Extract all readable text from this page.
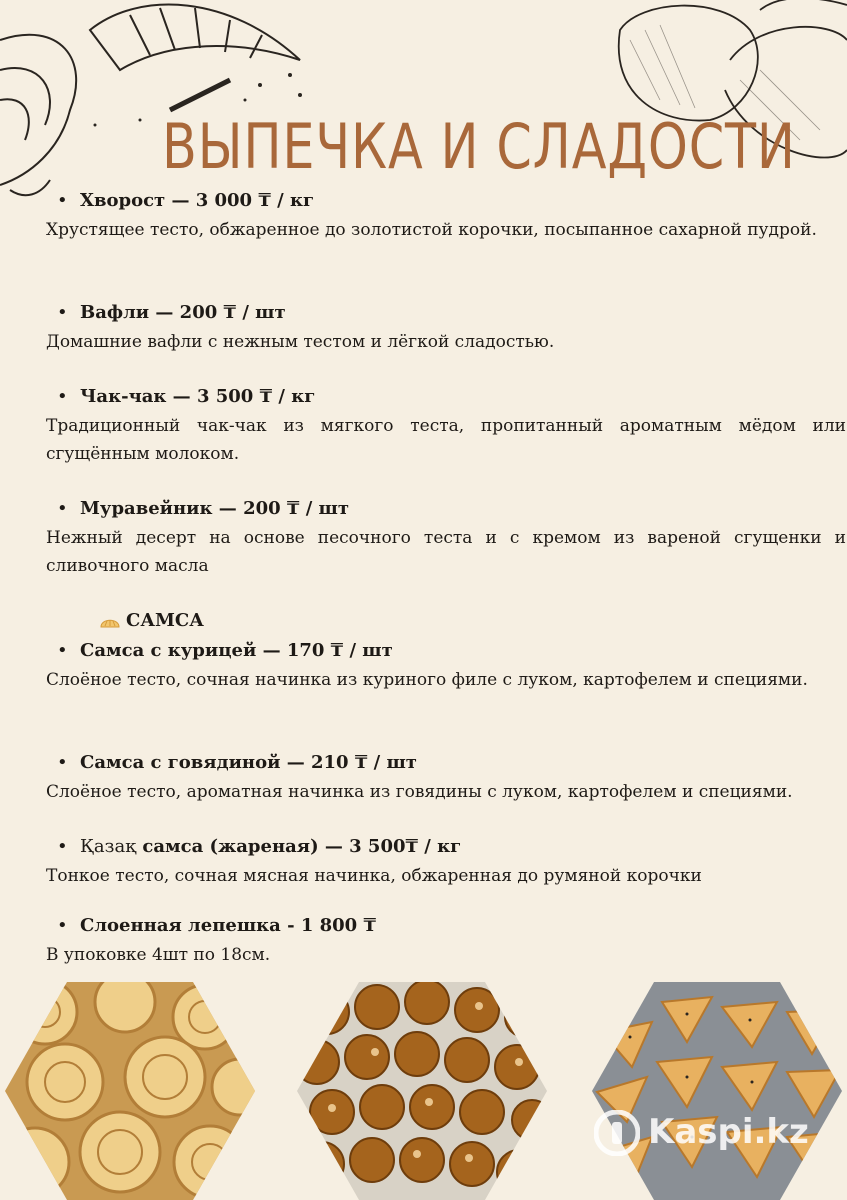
ВЫПЕЧКА И СЛАДОСТИ
• Хворост — 3 000 ₸ / кг
Хрустящее тесто, обжаренное до золотистой корочки, посыпанное сахарной пудрой.
• Вафли — 200 ₸ / шт
Домашние вафли с нежным тестом и лёгкой сладостью.
• Чак-чак — 3 500 ₸ / кг
Традиционный чак-чак из мягкого теста, пропитанный ароматным мёдом или сгущённым молоком.
• Муравейник — 200 ₸ / шт
Нежный десерт на основе песочного теста и с кремом из вареной сгущенки и сливочного масла
САМСА
• Самса с курицей — 170 ₸ / шт
Слоёное тесто, сочная начинка из куриного филе с луком, картофелем и специями.
• Самса с говядиной — 210 ₸ / шт
Слоёное тесто, ароматная начинка из говядины с луком, картофелем и специями.
• Қазақ самса (жареная) — 3 500₸ / кг
Тонкое тесто, сочная мясная начинка, обжаренная до румяной корочки
• Слоенная лепешка - 1 800 ₸
В упоковке 4шт по 18см.
Kaspi.kz
